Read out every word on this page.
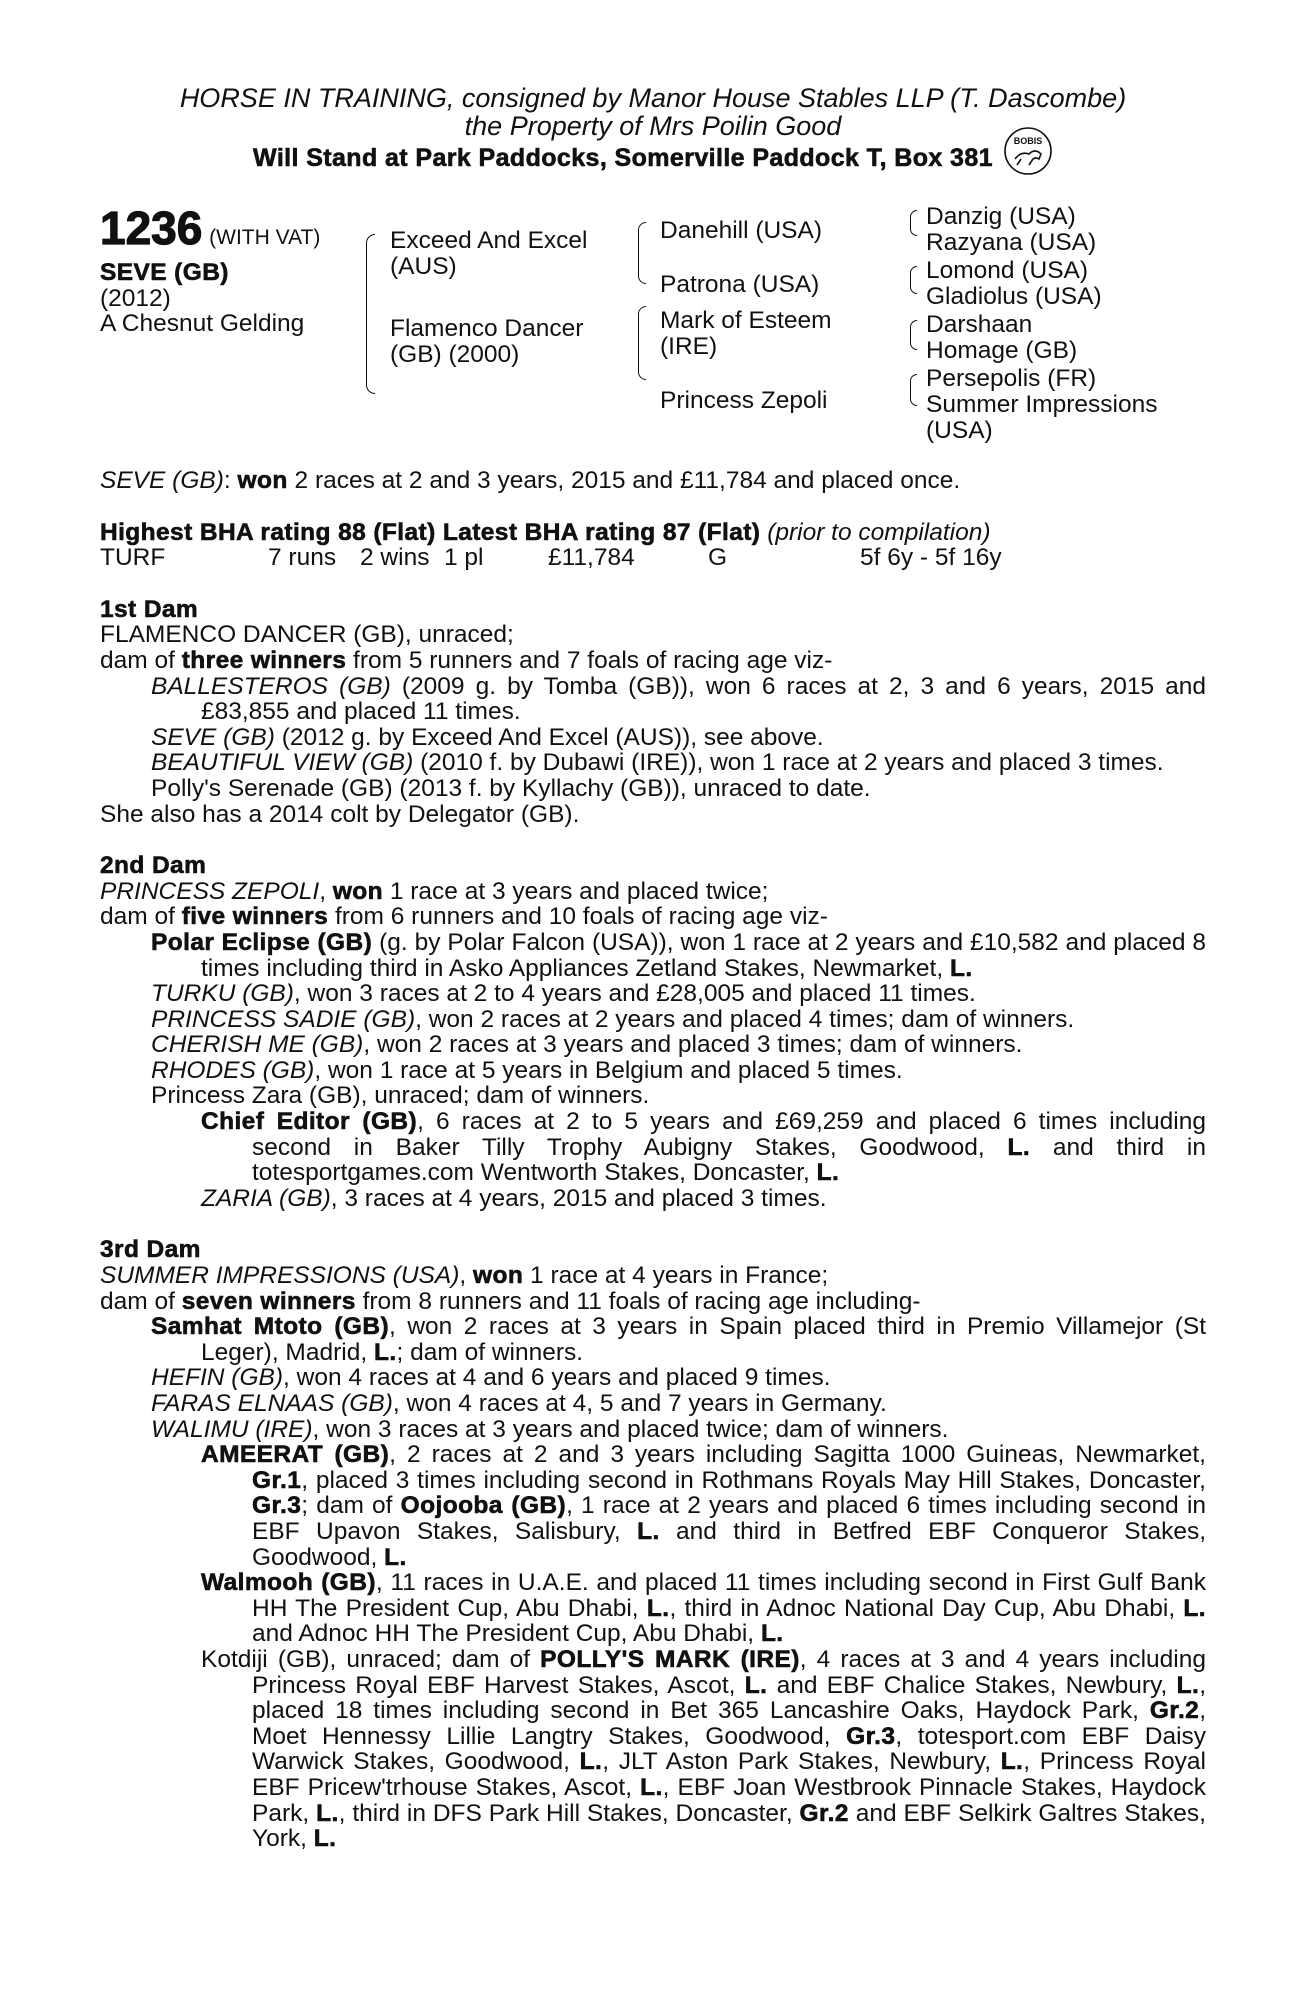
HORSE IN TRAINING, consigned by Manor House Stables LLP (T. Dascombe)
the Property of Mrs Poilin Good
Will Stand at Park Paddocks, Somerville Paddock T, Box 381
BOBIS
1236 (WITH VAT)
SEVE (GB)
(2012)
A Chesnut Gelding
Exceed And Excel (AUS)
Flamenco Dancer (GB) (2000)
Danehill (USA)
Patrona (USA)
Mark of Esteem (IRE)
Princess Zepoli
Danzig (USA)
Razyana (USA)
Lomond (USA)
Gladiolus (USA)
Darshaan
Homage (GB)
Persepolis (FR)
Summer Impressions (USA)

SEVE (GB): won 2 races at 2 and 3 years, 2015 and £11,784 and placed once.

Highest BHA rating 88 (Flat) Latest BHA rating 87 (Flat) (prior to compilation)

TURF	7 runs 2 wins 1 pl	£11,784	G	5f 6y - 5f 16y
1st Dam

FLAMENCO DANCER (GB), unraced;

dam of three winners from 5 runners and 7 foals of racing age viz-

BALLESTEROS (GB) (2009 g. by Tomba (GB)), won 6 races at 2, 3 and 6 years, 2015 and £83,855 and placed 11 times.

SEVE (GB) (2012 g. by Exceed And Excel (AUS)), see above.

BEAUTIFUL VIEW (GB) (2010 f. by Dubawi (IRE)), won 1 race at 2 years and placed 3 times.

Polly's Serenade (GB) (2013 f. by Kyllachy (GB)), unraced to date.

She also has a 2014 colt by Delegator (GB).

2nd Dam

PRINCESS ZEPOLI, won 1 race at 3 years and placed twice;

dam of five winners from 6 runners and 10 foals of racing age viz-

Polar Eclipse (GB) (g. by Polar Falcon (USA)), won 1 race at 2 years and £10,582 and placed 8 times including third in Asko Appliances Zetland Stakes, Newmarket, L.

TURKU (GB), won 3 races at 2 to 4 years and £28,005 and placed 11 times.

PRINCESS SADIE (GB), won 2 races at 2 years and placed 4 times; dam of winners.

CHERISH ME (GB), won 2 races at 3 years and placed 3 times; dam of winners.

RHODES (GB), won 1 race at 5 years in Belgium and placed 5 times.

Princess Zara (GB), unraced; dam of winners.

Chief Editor (GB), 6 races at 2 to 5 years and £69,259 and placed 6 times including second in Baker Tilly Trophy Aubigny Stakes, Goodwood, L. and third in totesportgames.com Wentworth Stakes, Doncaster, L.

ZARIA (GB), 3 races at 4 years, 2015 and placed 3 times.

3rd Dam

SUMMER IMPRESSIONS (USA), won 1 race at 4 years in France;

dam of seven winners from 8 runners and 11 foals of racing age including-

Samhat Mtoto (GB), won 2 races at 3 years in Spain placed third in Premio Villamejor (St Leger), Madrid, L.; dam of winners.

HEFIN (GB), won 4 races at 4 and 6 years and placed 9 times.

FARAS ELNAAS (GB), won 4 races at 4, 5 and 7 years in Germany.

WALIMU (IRE), won 3 races at 3 years and placed twice; dam of winners.

AMEERAT (GB), 2 races at 2 and 3 years including Sagitta 1000 Guineas, Newmarket, Gr.1, placed 3 times including second in Rothmans Royals May Hill Stakes, Doncaster, Gr.3; dam of Oojooba (GB), 1 race at 2 years and placed 6 times including second in EBF Upavon Stakes, Salisbury, L. and third in Betfred EBF Conqueror Stakes, Goodwood, L.

Walmooh (GB), 11 races in U.A.E. and placed 11 times including second in First Gulf Bank HH The President Cup, Abu Dhabi, L., third in Adnoc National Day Cup, Abu Dhabi, L. and Adnoc HH The President Cup, Abu Dhabi, L.

Kotdiji (GB), unraced; dam of POLLY'S MARK (IRE), 4 races at 3 and 4 years including Princess Royal EBF Harvest Stakes, Ascot, L. and EBF Chalice Stakes, Newbury, L., placed 18 times including second in Bet 365 Lancashire Oaks, Haydock Park, Gr.2, Moet Hennessy Lillie Langtry Stakes, Goodwood, Gr.3, totesport.com EBF Daisy Warwick Stakes, Goodwood, L., JLT Aston Park Stakes, Newbury, L., Princess Royal EBF Pricew'trhouse Stakes, Ascot, L., EBF Joan Westbrook Pinnacle Stakes, Haydock Park, L., third in DFS Park Hill Stakes, Doncaster, Gr.2 and EBF Selkirk Galtres Stakes, York, L.
